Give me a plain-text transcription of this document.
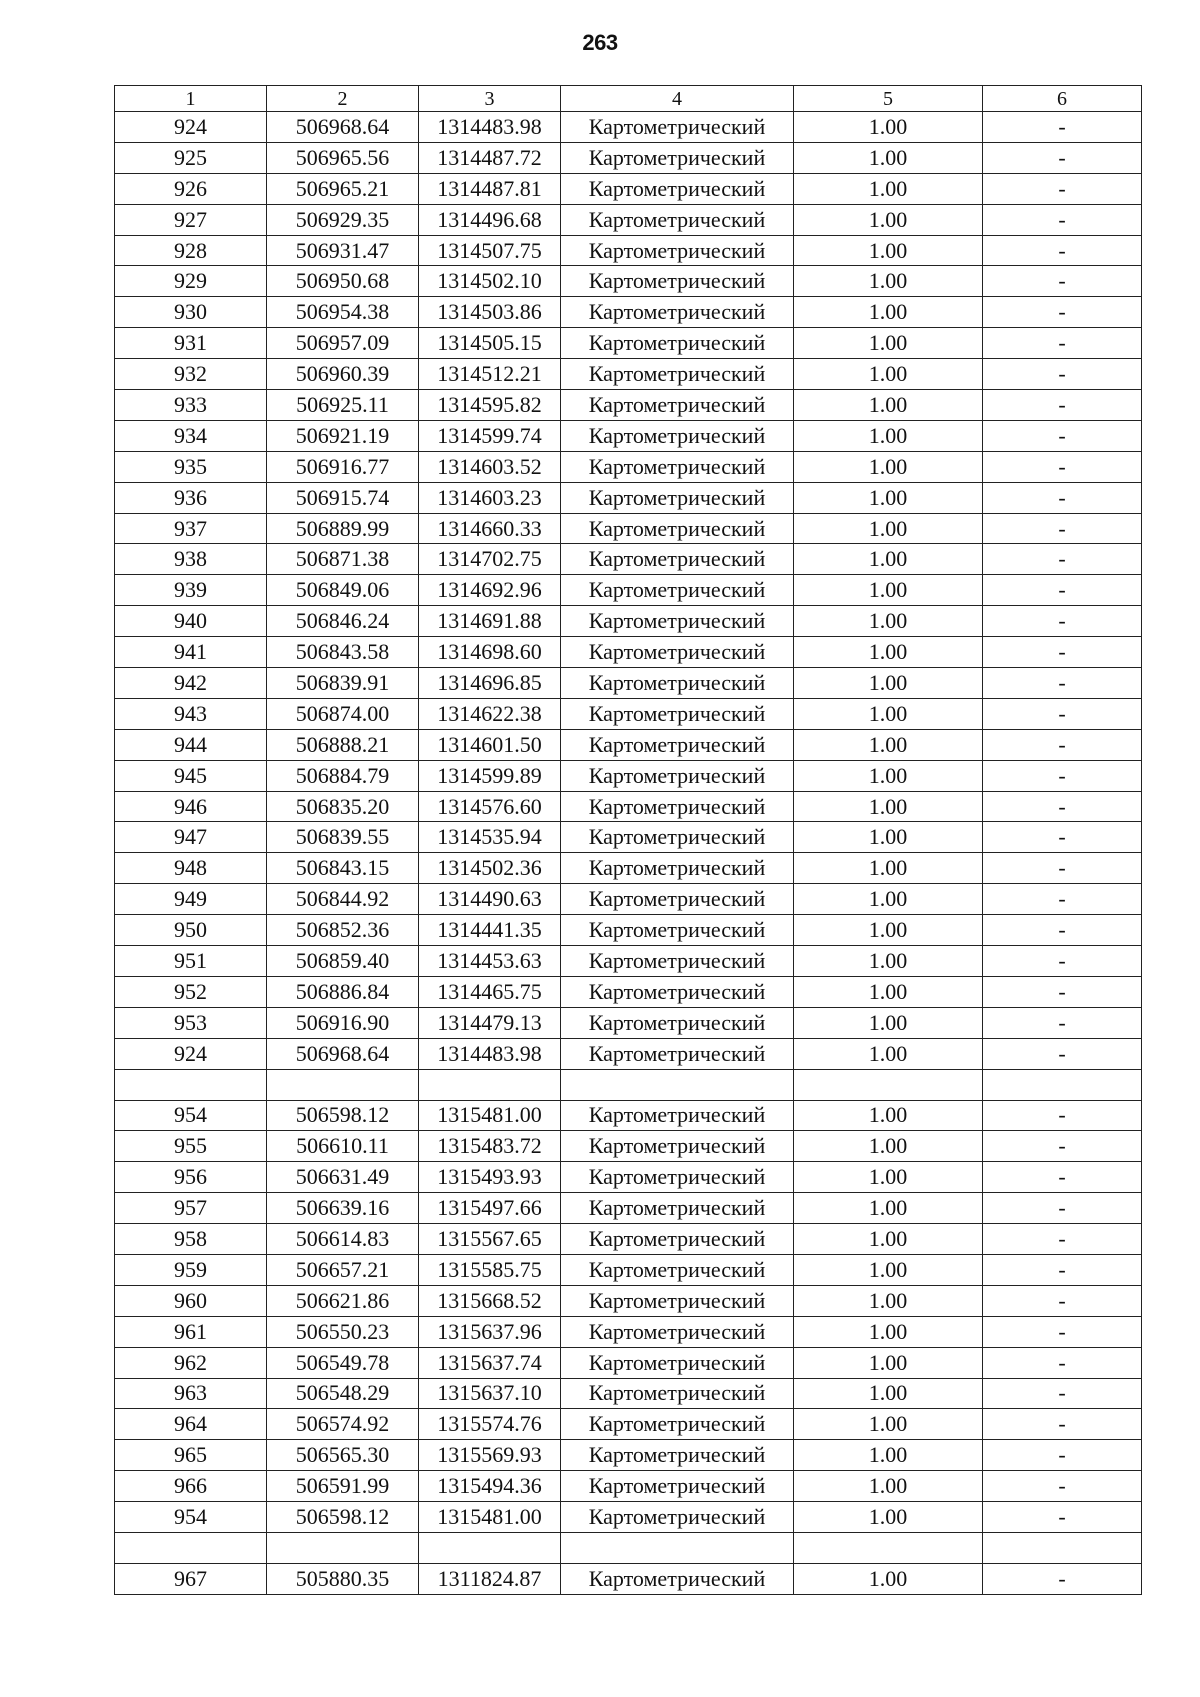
263
1	2	3	4	5	6
924	506968.64	1314483.98	Картометрический	1.00	-
925	506965.56	1314487.72	Картометрический	1.00	-
926	506965.21	1314487.81	Картометрический	1.00	-
927	506929.35	1314496.68	Картометрический	1.00	-
928	506931.47	1314507.75	Картометрический	1.00	-
929	506950.68	1314502.10	Картометрический	1.00	-
930	506954.38	1314503.86	Картометрический	1.00	-
931	506957.09	1314505.15	Картометрический	1.00	-
932	506960.39	1314512.21	Картометрический	1.00	-
933	506925.11	1314595.82	Картометрический	1.00	-
934	506921.19	1314599.74	Картометрический	1.00	-
935	506916.77	1314603.52	Картометрический	1.00	-
936	506915.74	1314603.23	Картометрический	1.00	-
937	506889.99	1314660.33	Картометрический	1.00	-
938	506871.38	1314702.75	Картометрический	1.00	-
939	506849.06	1314692.96	Картометрический	1.00	-
940	506846.24	1314691.88	Картометрический	1.00	-
941	506843.58	1314698.60	Картометрический	1.00	-
942	506839.91	1314696.85	Картометрический	1.00	-
943	506874.00	1314622.38	Картометрический	1.00	-
944	506888.21	1314601.50	Картометрический	1.00	-
945	506884.79	1314599.89	Картометрический	1.00	-
946	506835.20	1314576.60	Картометрический	1.00	-
947	506839.55	1314535.94	Картометрический	1.00	-
948	506843.15	1314502.36	Картометрический	1.00	-
949	506844.92	1314490.63	Картометрический	1.00	-
950	506852.36	1314441.35	Картометрический	1.00	-
951	506859.40	1314453.63	Картометрический	1.00	-
952	506886.84	1314465.75	Картометрический	1.00	-
953	506916.90	1314479.13	Картометрический	1.00	-
924	506968.64	1314483.98	Картометрический	1.00	-

954	506598.12	1315481.00	Картометрический	1.00	-
955	506610.11	1315483.72	Картометрический	1.00	-
956	506631.49	1315493.93	Картометрический	1.00	-
957	506639.16	1315497.66	Картометрический	1.00	-
958	506614.83	1315567.65	Картометрический	1.00	-
959	506657.21	1315585.75	Картометрический	1.00	-
960	506621.86	1315668.52	Картометрический	1.00	-
961	506550.23	1315637.96	Картометрический	1.00	-
962	506549.78	1315637.74	Картометрический	1.00	-
963	506548.29	1315637.10	Картометрический	1.00	-
964	506574.92	1315574.76	Картометрический	1.00	-
965	506565.30	1315569.93	Картометрический	1.00	-
966	506591.99	1315494.36	Картометрический	1.00	-
954	506598.12	1315481.00	Картометрический	1.00	-

967	505880.35	1311824.87	Картометрический	1.00	-
